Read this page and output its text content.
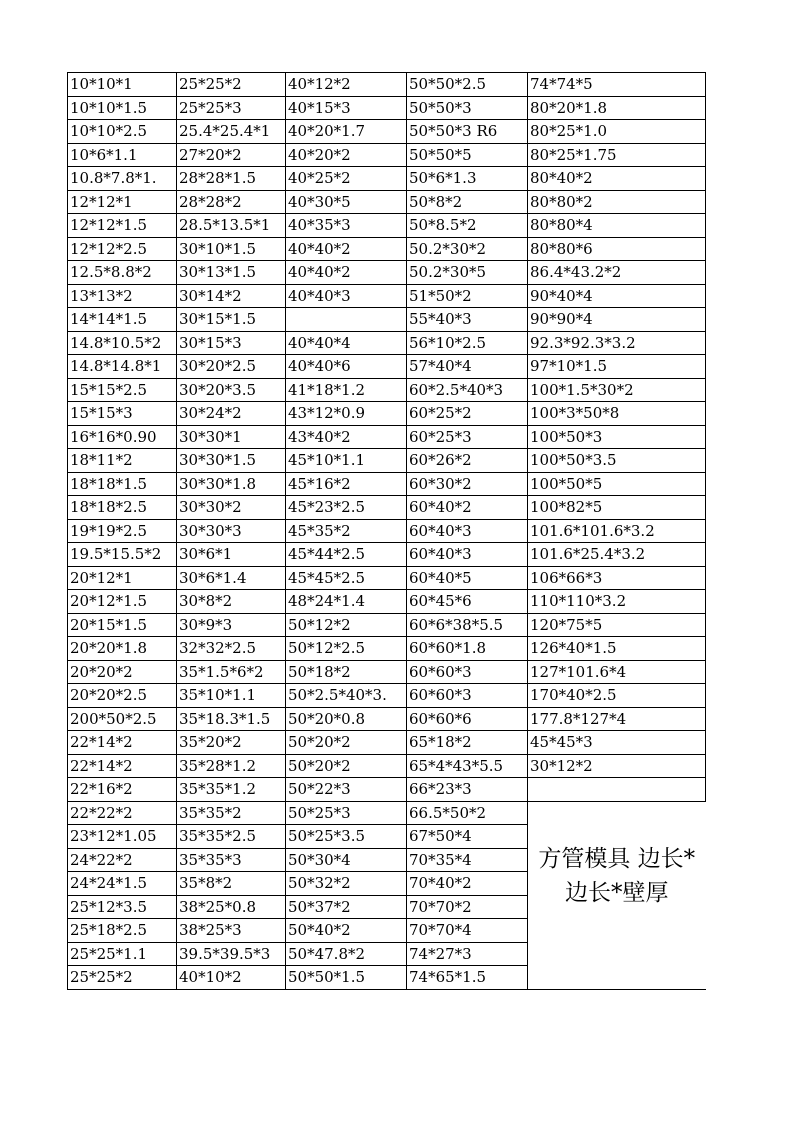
10*10*1	25*25*2	40*12*2	50*50*2.5	74*74*5
10*10*1.5	25*25*3	40*15*3	50*50*3	80*20*1.8
10*10*2.5	25.4*25.4*1	40*20*1.7	50*50*3 R6	80*25*1.0
10*6*1.1	27*20*2	40*20*2	50*50*5	80*25*1.75
10.8*7.8*1.	28*28*1.5	40*25*2	50*6*1.3	80*40*2
12*12*1	28*28*2	40*30*5	50*8*2	80*80*2
12*12*1.5	28.5*13.5*1	40*35*3	50*8.5*2	80*80*4
12*12*2.5	30*10*1.5	40*40*2	50.2*30*2	80*80*6
12.5*8.8*2	30*13*1.5	40*40*2	50.2*30*5	86.4*43.2*2
13*13*2	30*14*2	40*40*3	51*50*2	90*40*4
14*14*1.5	30*15*1.5		55*40*3	90*90*4
14.8*10.5*2	30*15*3	40*40*4	56*10*2.5	92.3*92.3*3.2
14.8*14.8*1	30*20*2.5	40*40*6	57*40*4	97*10*1.5
15*15*2.5	30*20*3.5	41*18*1.2	60*2.5*40*3	100*1.5*30*2
15*15*3	30*24*2	43*12*0.9	60*25*2	100*3*50*8
16*16*0.90	30*30*1	43*40*2	60*25*3	100*50*3
18*11*2	30*30*1.5	45*10*1.1	60*26*2	100*50*3.5
18*18*1.5	30*30*1.8	45*16*2	60*30*2	100*50*5
18*18*2.5	30*30*2	45*23*2.5	60*40*2	100*82*5
19*19*2.5	30*30*3	45*35*2	60*40*3	101.6*101.6*3.2
19.5*15.5*2	30*6*1	45*44*2.5	60*40*3	101.6*25.4*3.2
20*12*1	30*6*1.4	45*45*2.5	60*40*5	106*66*3
20*12*1.5	30*8*2	48*24*1.4	60*45*6	110*110*3.2
20*15*1.5	30*9*3	50*12*2	60*6*38*5.5	120*75*5
20*20*1.8	32*32*2.5	50*12*2.5	60*60*1.8	126*40*1.5
20*20*2	35*1.5*6*2	50*18*2	60*60*3	127*101.6*4
20*20*2.5	35*10*1.1	50*2.5*40*3.	60*60*3	170*40*2.5
200*50*2.5	35*18.3*1.5	50*20*0.8	60*60*6	177.8*127*4
22*14*2	35*20*2	50*20*2	65*18*2	45*45*3
22*14*2	35*28*1.2	50*20*2	65*4*43*5.5	30*12*2
22*16*2	35*35*1.2	50*22*3	66*23*3	
22*22*2	35*35*2	50*25*3	66.5*50*2	方管模具 边长*边长*壁厚
23*12*1.05	35*35*2.5	50*25*3.5	67*50*4	
24*22*2	35*35*3	50*30*4	70*35*4	
24*24*1.5	35*8*2	50*32*2	70*40*2	
25*12*3.5	38*25*0.8	50*37*2	70*70*2	
25*18*2.5	38*25*3	50*40*2	70*70*4	
25*25*1.1	39.5*39.5*3	50*47.8*2	74*27*3	
25*25*2	40*10*2	50*50*1.5	74*65*1.5	
